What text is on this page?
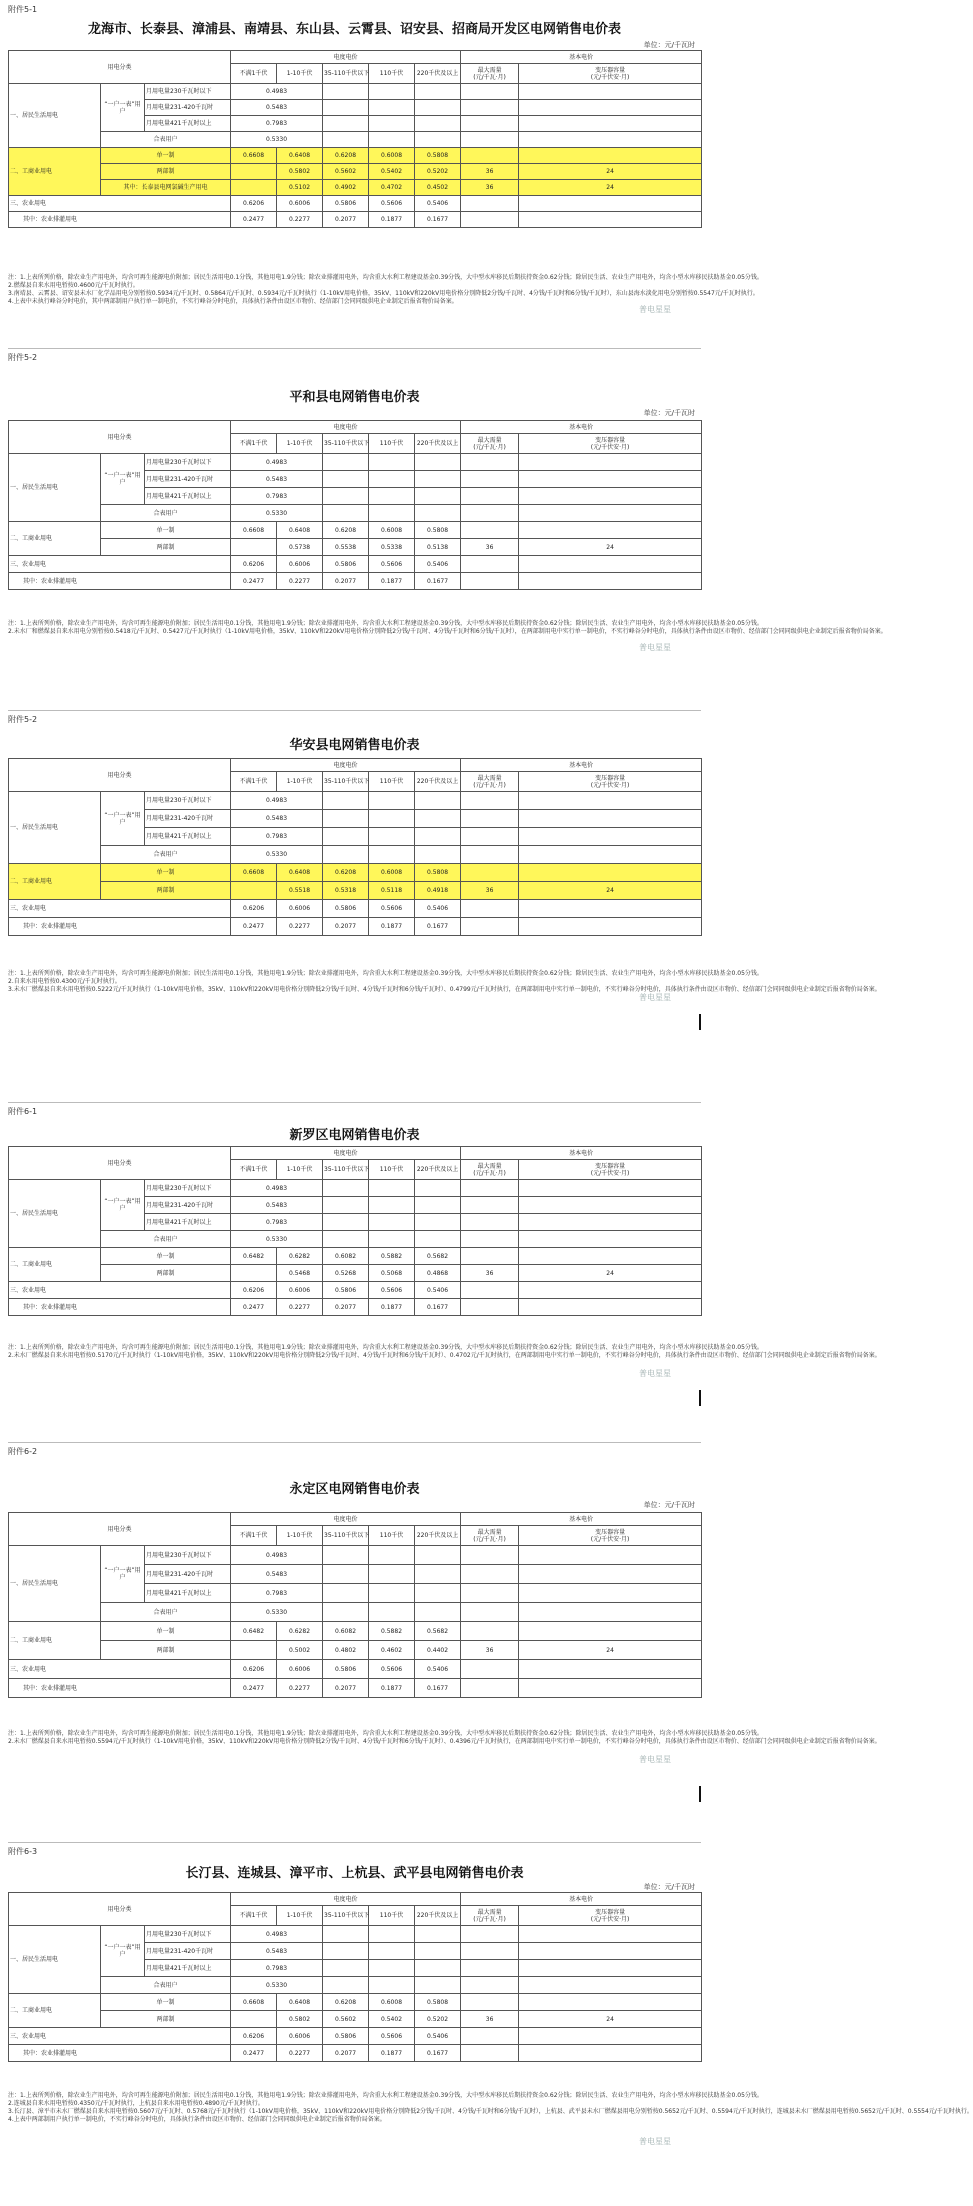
附件5-1
龙海市、长泰县、漳浦县、南靖县、东山县、云霄县、诏安县、招商局开发区电网销售电价表
单位：元/千瓦时
用电分类			电度电价					基本电价	
			不满1千伏	1-10千伏	35-110千伏以下	110千伏	220千伏及以上	最大需量
(元/千瓦·月)	变压器容量
(元/千伏安·月)
一、居民生活用电	“一户一表”用户	月用电量230千瓦时以下	0.4983						
		月用电量231-420千瓦时	0.5483						
		月用电量421千瓦时以上	0.7983						
	合表用户		0.5330						
二、工商业用电	单一制		0.6608	0.6408	0.6208	0.6008	0.5808		
	两部制			0.5802	0.5602	0.5402	0.5202	36	24
	其中：长泰县电网氯碱生产用电			0.5102	0.4902	0.4702	0.4502	36	24
三、农业用电			0.6206	0.6006	0.5806	0.5606	0.5406		
其中：农业排灌用电			0.2477	0.2277	0.2077	0.1877	0.1677		
注：1.上表所列价格，除农业生产用电外，均含可再生能源电价附加；居民生活用电0.1分钱，其他用电1.9分钱；除农业排灌用电外，均含重大水利工程建设基金0.39分钱，大中型水库移民后期扶持资金0.62分钱；除居民生活、农业生产用电外，均含小型水库移民扶助基金0.05分钱。
2.燃煤县自来水用电暂按0.4600元/千瓦时执行。
3.南靖县、云霄县、诏安县未水厂化学品用电分别暂按0.5934元/千瓦时、0.5864元/千瓦时、0.5934元/千瓦时执行（1-10kV用电价格，35kV、110kV和220kV用电价格分别降低2分钱/千瓦时、4分钱/千瓦时和6分钱/千瓦时），东山县海水淡化用电分别暂按0.5547元/千瓦时执行。
4.上表中未执行峰谷分时电价，其中两部制用户执行单一制电价，不实行峰谷分时电价，具体执行条件由设区市物价、经信部门会同同级供电企业制定后报省物价局备案。
普电星星
附件5-2
平和县电网销售电价表
单位：元/千瓦时
用电分类			电度电价					基本电价	
			不满1千伏	1-10千伏	35-110千伏以下	110千伏	220千伏及以上	最大需量
(元/千瓦·月)	变压器容量
(元/千伏安·月)
一、居民生活用电	“一户一表”用户	月用电量230千瓦时以下	0.4983						
		月用电量231-420千瓦时	0.5483						
		月用电量421千瓦时以上	0.7983						
	合表用户		0.5330						
二、工商业用电	单一制		0.6608	0.6408	0.6208	0.6008	0.5808		
	两部制			0.5738	0.5538	0.5338	0.5138	36	24
三、农业用电			0.6206	0.6006	0.5806	0.5606	0.5406		
其中：农业排灌用电			0.2477	0.2277	0.2077	0.1877	0.1677		
注：1.上表所列价格，除农业生产用电外，均含可再生能源电价附加；居民生活用电0.1分钱，其他用电1.9分钱；除农业排灌用电外，均含重大水利工程建设基金0.39分钱，大中型水库移民后期扶持资金0.62分钱；除居民生活、农业生产用电外，均含小型水库移民扶助基金0.05分钱。
2.未水厂和燃煤县自来水用电分别暂按0.5418元/千瓦时、0.5427元/千瓦时执行（1-10kV用电价格，35kV、110kV和220kV用电价格分别降低2分钱/千瓦时、4分钱/千瓦时和6分钱/千瓦时），在两部制用电中实行单一制电价，不实行峰谷分时电价，具体执行条件由设区市物价、经信部门会同同级供电企业制定后报省物价局备案。
普电星星
附件5-2
华安县电网销售电价表
用电分类			电度电价					基本电价	
			不满1千伏	1-10千伏	35-110千伏以下	110千伏	220千伏及以上	最大需量
(元/千瓦·月)	变压器容量
(元/千伏安·月)
一、居民生活用电	“一户一表”用户	月用电量230千瓦时以下	0.4983						
		月用电量231-420千瓦时	0.5483						
		月用电量421千瓦时以上	0.7983						
	合表用户		0.5330						
二、工商业用电	单一制		0.6608	0.6408	0.6208	0.6008	0.5808		
	两部制			0.5518	0.5318	0.5118	0.4918	36	24
三、农业用电			0.6206	0.6006	0.5806	0.5606	0.5406		
其中：农业排灌用电			0.2477	0.2277	0.2077	0.1877	0.1677		
注：1.上表所列价格，除农业生产用电外，均含可再生能源电价附加；居民生活用电0.1分钱，其他用电1.9分钱；除农业排灌用电外，均含重大水利工程建设基金0.39分钱，大中型水库移民后期扶持资金0.62分钱；除居民生活、农业生产用电外，均含小型水库移民扶助基金0.05分钱。
2.自来水用电暂按0.4300元/千瓦时执行。
3.未水厂燃煤县自来水用电暂按0.5222元/千瓦时执行（1-10kV用电价格，35kV、110kV和220kV用电价格分别降低2分钱/千瓦时、4分钱/千瓦时和6分钱/千瓦时）、0.4799元/千瓦时执行，在两部制用电中实行单一制电价，不实行峰谷分时电价，具体执行条件由设区市物价、经信部门会同同级供电企业制定后报省物价局备案。
普电星星
附件6-1
新罗区电网销售电价表
用电分类			电度电价					基本电价	
			不满1千伏	1-10千伏	35-110千伏以下	110千伏	220千伏及以上	最大需量
(元/千瓦·月)	变压器容量
(元/千伏安·月)
一、居民生活用电	“一户一表”用户	月用电量230千瓦时以下	0.4983						
		月用电量231-420千瓦时	0.5483						
		月用电量421千瓦时以上	0.7983						
	合表用户		0.5330						
二、工商业用电	单一制		0.6482	0.6282	0.6082	0.5882	0.5682		
	两部制			0.5468	0.5268	0.5068	0.4868	36	24
三、农业用电			0.6206	0.6006	0.5806	0.5606	0.5406		
其中：农业排灌用电			0.2477	0.2277	0.2077	0.1877	0.1677		
注：1.上表所列价格，除农业生产用电外，均含可再生能源电价附加；居民生活用电0.1分钱，其他用电1.9分钱；除农业排灌用电外，均含重大水利工程建设基金0.39分钱，大中型水库移民后期扶持资金0.62分钱；除居民生活、农业生产用电外，均含小型水库移民扶助基金0.05分钱。
2.未水厂燃煤县自来水用电暂按0.5170元/千瓦时执行（1-10kV用电价格，35kV、110kV和220kV用电价格分别降低2分钱/千瓦时、4分钱/千瓦时和6分钱/千瓦时）、0.4702元/千瓦时执行，在两部制用电中实行单一制电价，不实行峰谷分时电价，具体执行条件由设区市物价、经信部门会同同级供电企业制定后报省物价局备案。
普电星星
附件6-2
永定区电网销售电价表
单位：元/千瓦时
用电分类			电度电价					基本电价	
			不满1千伏	1-10千伏	35-110千伏以下	110千伏	220千伏及以上	最大需量
(元/千瓦·月)	变压器容量
(元/千伏安·月)
一、居民生活用电	“一户一表”用户	月用电量230千瓦时以下	0.4983						
		月用电量231-420千瓦时	0.5483						
		月用电量421千瓦时以上	0.7983						
	合表用户		0.5330						
二、工商业用电	单一制		0.6482	0.6282	0.6082	0.5882	0.5682		
	两部制			0.5002	0.4802	0.4602	0.4402	36	24
三、农业用电			0.6206	0.6006	0.5806	0.5606	0.5406		
其中：农业排灌用电			0.2477	0.2277	0.2077	0.1877	0.1677		
注：1.上表所列价格，除农业生产用电外，均含可再生能源电价附加；居民生活用电0.1分钱，其他用电1.9分钱；除农业排灌用电外，均含重大水利工程建设基金0.39分钱，大中型水库移民后期扶持资金0.62分钱；除居民生活、农业生产用电外，均含小型水库移民扶助基金0.05分钱。
2.未水厂燃煤县自来水用电暂按0.5594元/千瓦时执行（1-10kV用电价格，35kV、110kV和220kV用电价格分别降低2分钱/千瓦时、4分钱/千瓦时和6分钱/千瓦时）、0.4396元/千瓦时执行，在两部制用电中实行单一制电价，不实行峰谷分时电价，具体执行条件由设区市物价、经信部门会同同级供电企业制定后报省物价局备案。
普电星星
附件6-3
长汀县、连城县、漳平市、上杭县、武平县电网销售电价表
单位：元/千瓦时
用电分类			电度电价					基本电价	
			不满1千伏	1-10千伏	35-110千伏以下	110千伏	220千伏及以上	最大需量
(元/千瓦·月)	变压器容量
(元/千伏安·月)
一、居民生活用电	“一户一表”用户	月用电量230千瓦时以下	0.4983						
		月用电量231-420千瓦时	0.5483						
		月用电量421千瓦时以上	0.7983						
	合表用户		0.5330						
二、工商业用电	单一制		0.6608	0.6408	0.6208	0.6008	0.5808		
	两部制			0.5802	0.5602	0.5402	0.5202	36	24
三、农业用电			0.6206	0.6006	0.5806	0.5606	0.5406		
其中：农业排灌用电			0.2477	0.2277	0.2077	0.1877	0.1677		
注：1.上表所列价格，除农业生产用电外，均含可再生能源电价附加；居民生活用电0.1分钱，其他用电1.9分钱；除农业排灌用电外，均含重大水利工程建设基金0.39分钱，大中型水库移民后期扶持资金0.62分钱；除居民生活、农业生产用电外，均含小型水库移民扶助基金0.05分钱。
2.连城县自来水用电暂按0.4350元/千瓦时执行，上杭县自来水用电暂按0.4890元/千瓦时执行。
3.长汀县、漳平市未水厂燃煤县自来水用电暂按0.5607元/千瓦时、0.5768元/千瓦时执行（1-10kV用电价格，35kV、110kV和220kV用电价格分别降低2分钱/千瓦时、4分钱/千瓦时和6分钱/千瓦时），上杭县、武平县未水厂燃煤县用电分别暂按0.5652元/千瓦时、0.5594元/千瓦时执行，连城县未水厂燃煤县用电暂按0.5652元/千瓦时、0.5554元/千瓦时执行。
4.上表中两部制用户执行单一制电价，不实行峰谷分时电价，具体执行条件由设区市物价、经信部门会同同级供电企业制定后报省物价局备案。
普电星星
